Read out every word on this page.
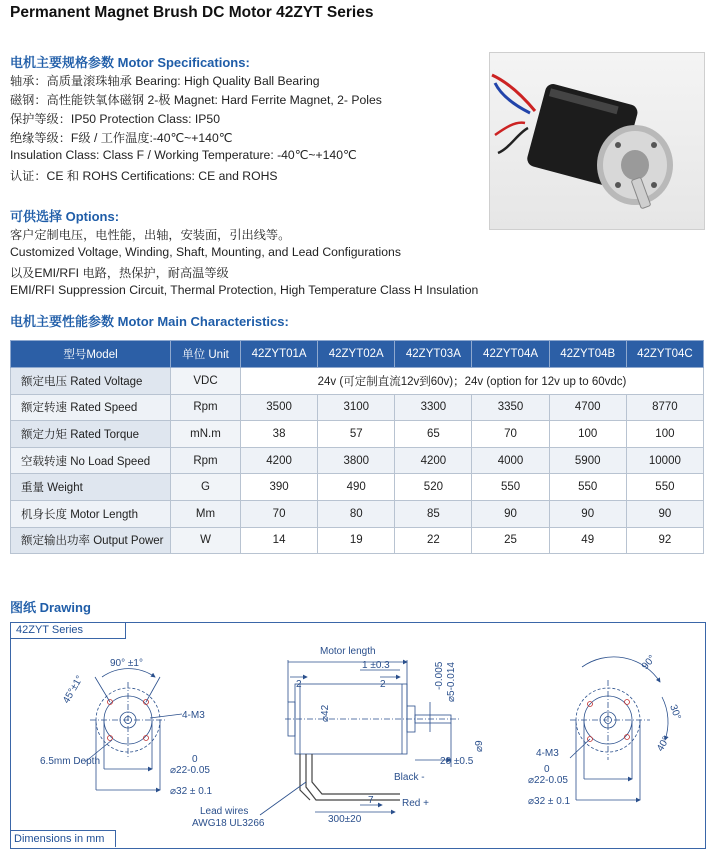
Permanent Magnet Brush DC Motor 42ZYT Series
电机主要规格参数 Motor Specifications:
轴承：高质量滚珠轴承 Bearing: High Quality Ball Bearing
磁钢：高性能铁氧体磁钢 2-极 Magnet: Hard Ferrite Magnet, 2- Poles
保护等级：IP50 Protection Class: IP50
绝缘等级：F级 / 工作温度:-40℃~+140℃
Insulation Class: Class F / Working Temperature: -40℃~+140℃
认证：CE 和 ROHS Certifications: CE and ROHS
可供选择 Options:
客户定制电压，电性能，出轴，安装面，引出线等。
Customized Voltage, Winding, Shaft, Mounting, and Lead Configurations
以及EMI/RFI 电路，热保护，耐高温等级
EMI/RFI Suppression Circuit, Thermal Protection, High Temperature Class H Insulation
电机主要性能参数 Motor Main Characteristics:
型号Model	单位 Unit	42ZYT01A	42ZYT02A	42ZYT03A	42ZYT04A	42ZYT04B	42ZYT04C
额定电压 Rated Voltage	VDC	24v (可定制直流12v到60v)；24v (option for 12v up to 60vdc)					
额定转速 Rated Speed	Rpm	3500	3100	3300	3350	4700	8770
额定力矩 Rated Torque	mN.m	38	57	65	70	100	100
空载转速 No Load Speed	Rpm	4200	3800	4200	4000	5900	10000
重量 Weight	G	390	490	520	550	550	550
机身长度 Motor Length	Mm	70	80	85	90	90	90
额定输出功率 Output Power	W	14	19	22	25	49	92
图纸 Drawing
42ZYT Series
Dimensions in mm
90° ±1°
45°±1°
4-M3
6.5mm Depth	0
⌀22-0.05
⌀32 ± 0.1
Motor length
1 ±0.3
2	2
⌀42
-0.005 ⌀5-0.014
⌀9
20 ±0.5
Black -
Red +
7
300±20
Lead wires
AWG18 UL3266
90°
30°
40°
4-M3
0
⌀22-0.05
⌀32 ± 0.1
